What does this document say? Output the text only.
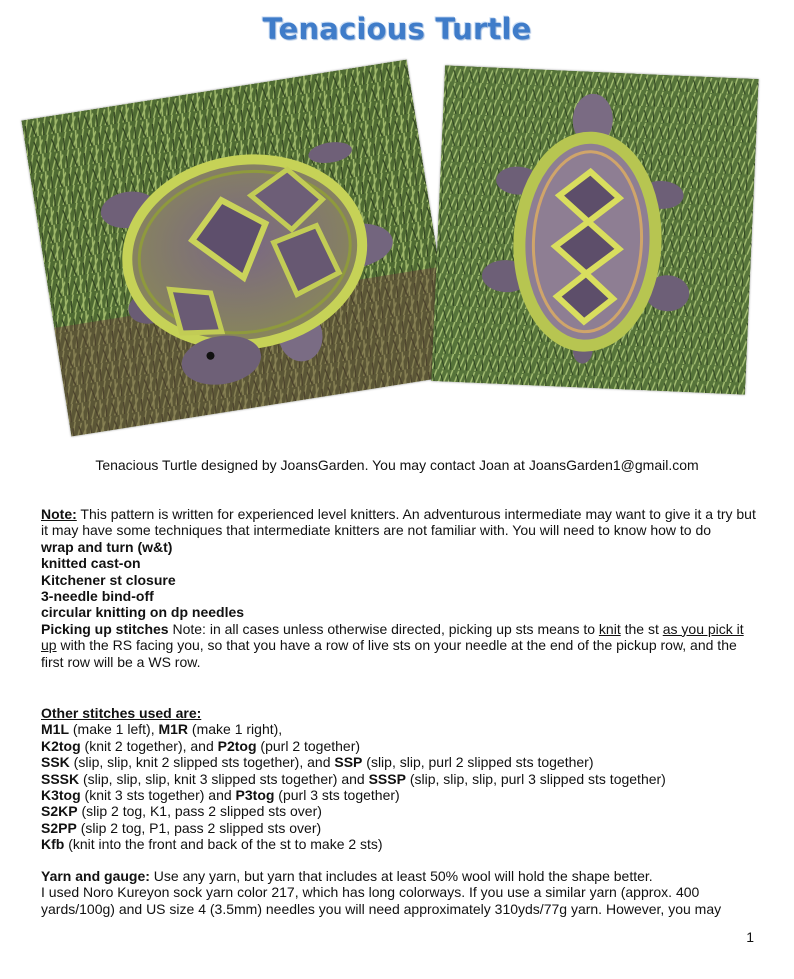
Tenacious Turtle
Tenacious Turtle designed by JoansGarden. You may contact Joan at JoansGarden1@gmail.com
Note: This pattern is written for experienced level knitters. An adventurous intermediate may want to give it a try but it may have some techniques that intermediate knitters are not familiar with. You will need to know how to do
wrap and turn (w&t)
knitted cast-on
Kitchener st closure
3-needle bind-off
circular knitting on dp needles
Picking up stitches Note: in all cases unless otherwise directed, picking up sts means to knit the st as you pick it up with the RS facing you, so that you have a row of live sts on your needle at the end of the pickup row, and the first row will be a WS row.
Other stitches used are:
M1L (make 1 left), M1R (make 1 right),
K2tog (knit 2 together), and P2tog (purl 2 together)
SSK (slip, slip, knit 2 slipped sts together), and SSP (slip, slip, purl 2 slipped sts together)
SSSK (slip, slip, slip, knit 3 slipped sts together) and SSSP (slip, slip, slip, purl 3 slipped sts together)
K3tog (knit 3 sts together) and P3tog (purl 3 sts together)
S2KP (slip 2 tog, K1, pass 2 slipped sts over)
S2PP (slip 2 tog, P1, pass 2 slipped sts over)
Kfb (knit into the front and back of the st to make 2 sts)
Yarn and gauge: Use any yarn, but yarn that includes at least 50% wool will hold the shape better.
I used Noro Kureyon sock yarn color 217, which has long colorways. If you use a similar yarn (approx. 400 yards/100g) and US size 4 (3.5mm) needles you will need approximately 310yds/77g yarn. However, you may
1
